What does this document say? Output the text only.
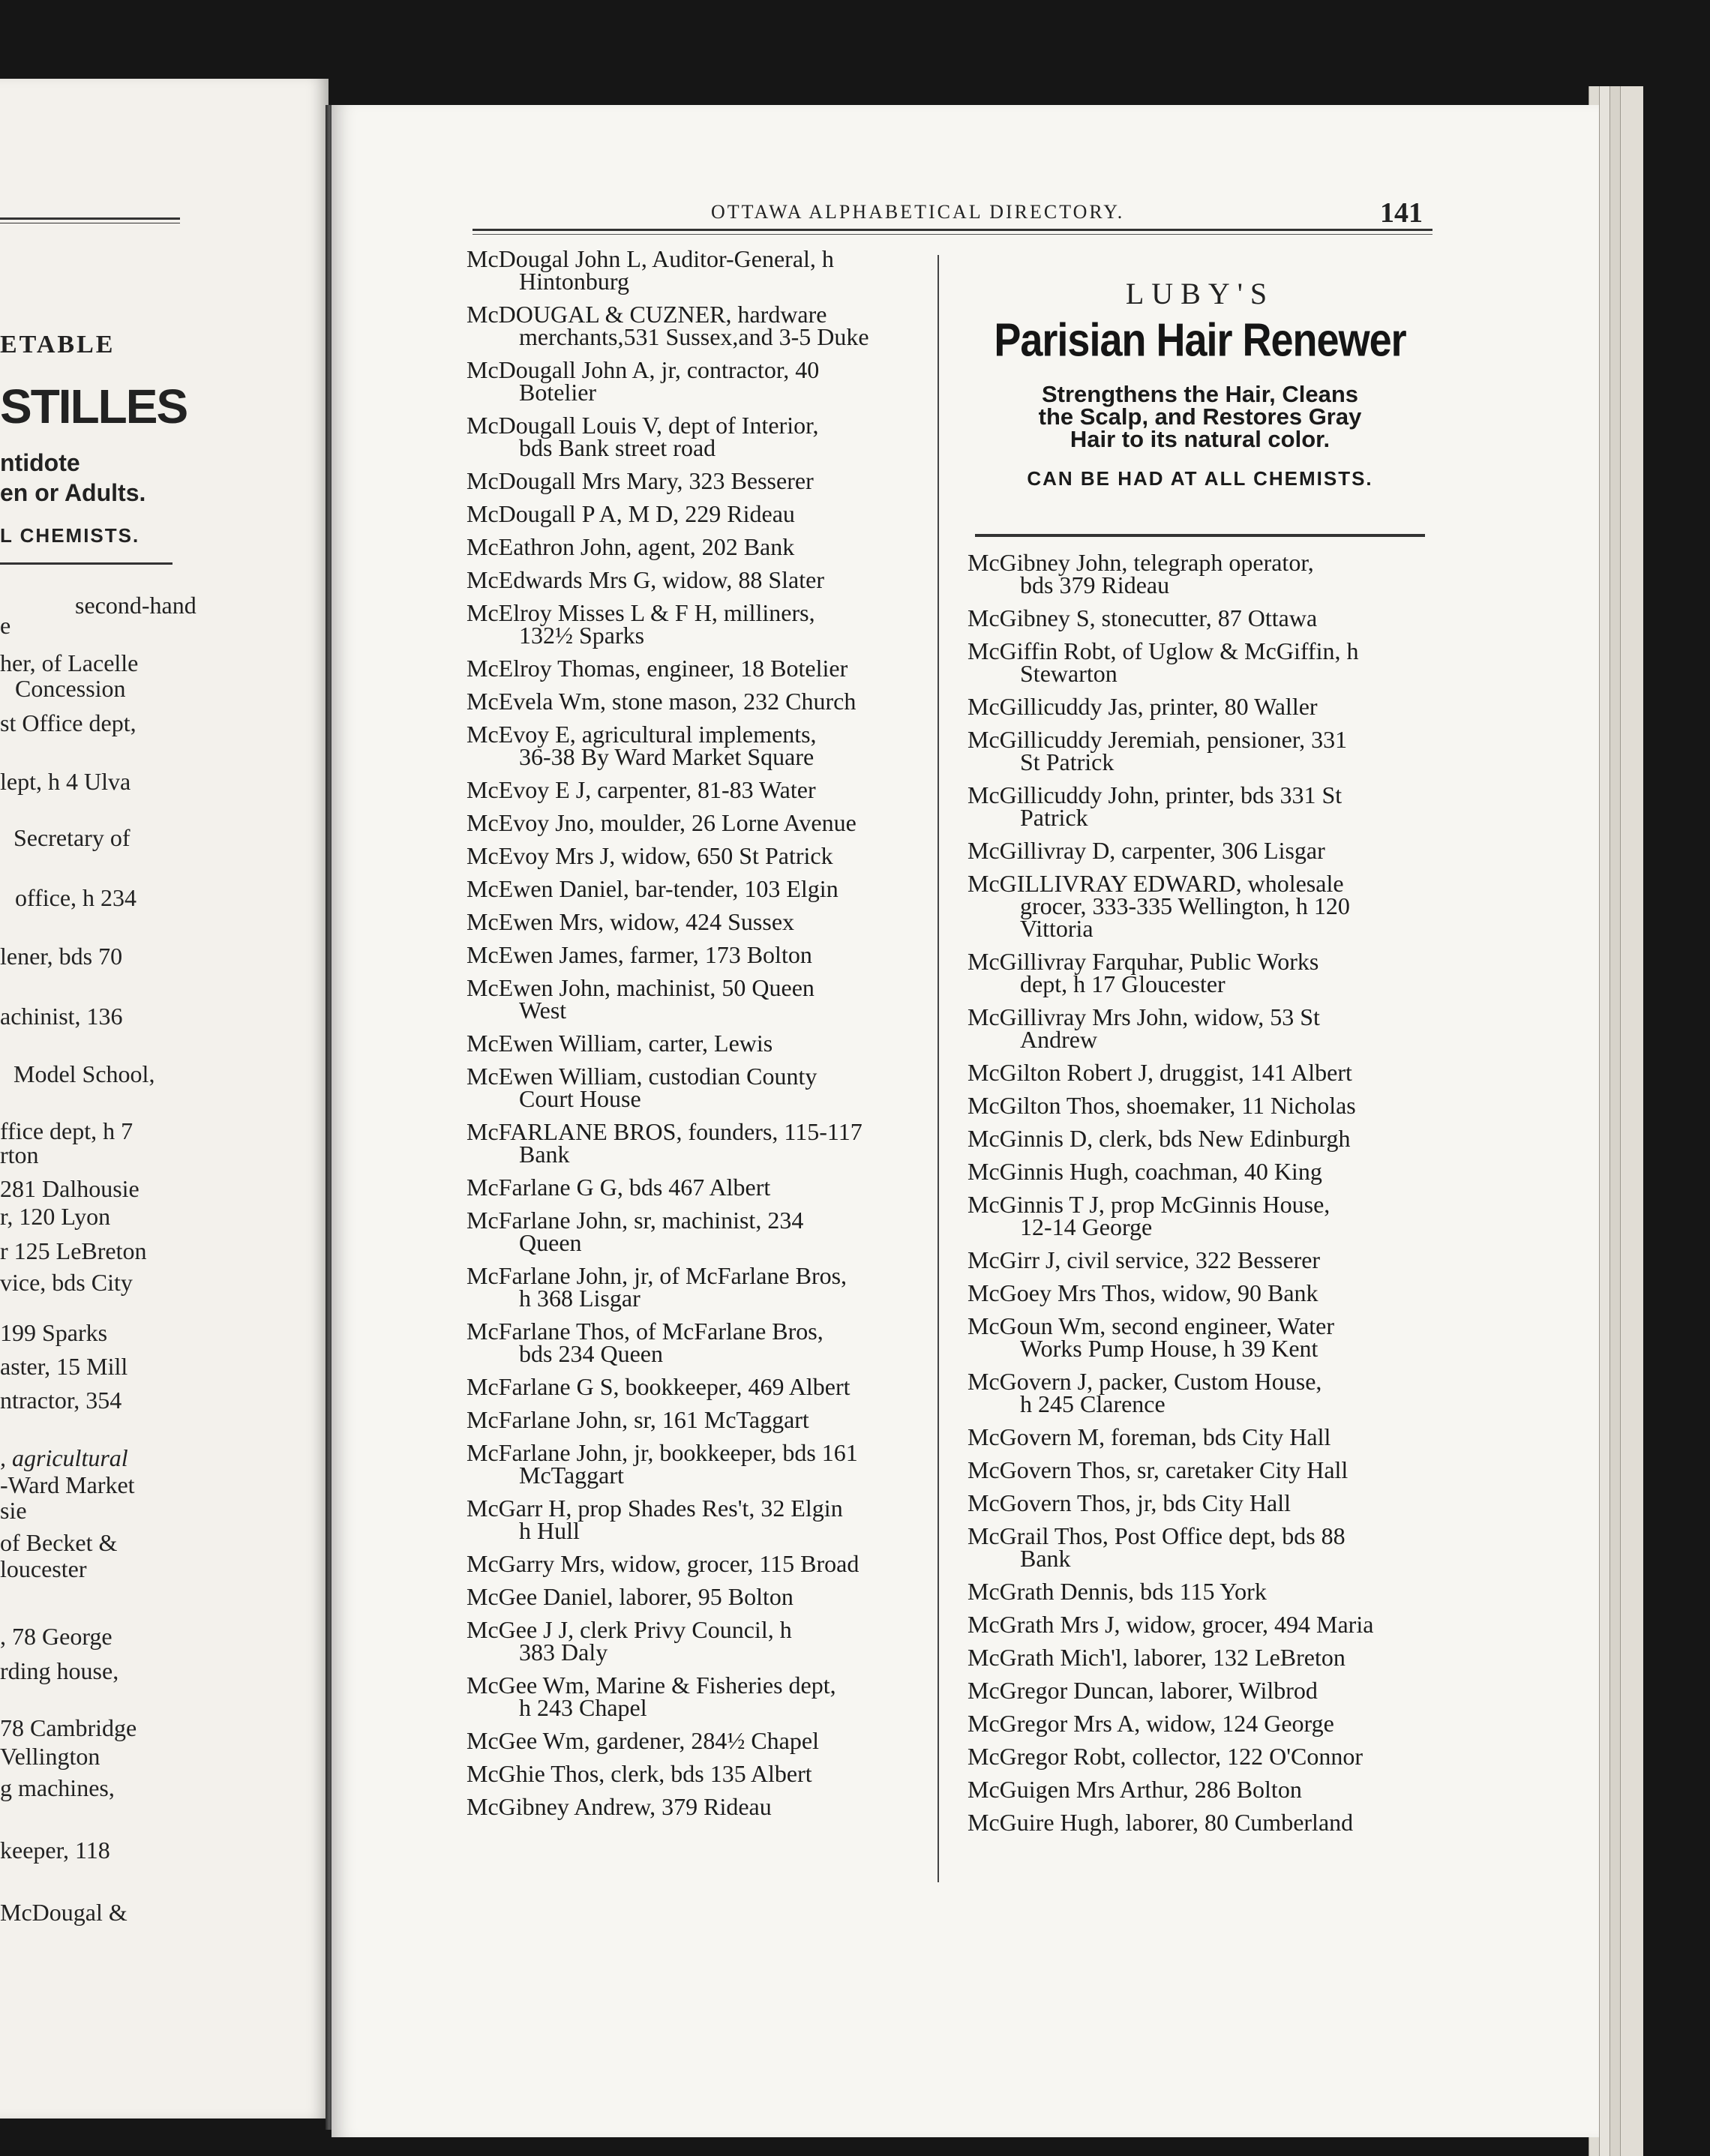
ETABLE
STILLES
ntidote
en or Adults.
L CHEMISTS.
second-hand
e
her, of Lacelle
Concession
st Office dept,
lept, h 4 Ulva
Secretary of
office, h 234
lener, bds 70
achinist, 136
Model School,
ffice dept, h 7
rton
281 Dalhousie
r, 120 Lyon
r 125 LeBreton
vice, bds City
199 Sparks
aster, 15 Mill
ntractor, 354
, agricultural
-Ward Market
sie
of Becket &
loucester
, 78 George
rding house,
78 Cambridge
Vellington
g machines,
keeper, 118
McDougal &
OTTAWA ALPHABETICAL DIRECTORY.	141
McDougal John L, Auditor-General, h
Hintonburg
McDOUGAL & CUZNER, hardware
merchants,531 Sussex,and 3-5 Duke
McDougall John A, jr, contractor, 40
Botelier
McDougall Louis V, dept of Interior,
bds Bank street road
McDougall Mrs Mary, 323 Besserer
McDougall P A, M D, 229 Rideau
McEathron John, agent, 202 Bank
McEdwards Mrs G, widow, 88 Slater
McElroy Misses L & F H, milliners,
132½ Sparks
McElroy Thomas, engineer, 18 Botelier
McEvela Wm, stone mason, 232 Church
McEvoy E, agricultural implements,
36-38 By Ward Market Square
McEvoy E J, carpenter, 81-83 Water
McEvoy Jno, moulder, 26 Lorne Avenue
McEvoy Mrs J, widow, 650 St Patrick
McEwen Daniel, bar-tender, 103 Elgin
McEwen Mrs, widow, 424 Sussex
McEwen James, farmer, 173 Bolton
McEwen John, machinist, 50 Queen
West
McEwen William, carter, Lewis
McEwen William, custodian County
Court House
McFARLANE BROS, founders, 115-117
Bank
McFarlane G G, bds 467 Albert
McFarlane John, sr, machinist, 234
Queen
McFarlane John, jr, of McFarlane Bros,
h 368 Lisgar
McFarlane Thos, of McFarlane Bros,
bds 234 Queen
McFarlane G S, bookkeeper, 469 Albert
McFarlane John, sr, 161 McTaggart
McFarlane John, jr, bookkeeper, bds 161
McTaggart
McGarr H, prop Shades Res't, 32 Elgin
h Hull
McGarry Mrs, widow, grocer, 115 Broad
McGee Daniel, laborer, 95 Bolton
McGee J J, clerk Privy Council, h
383 Daly
McGee Wm, Marine & Fisheries dept,
h 243 Chapel
McGee Wm, gardener, 284½ Chapel
McGhie Thos, clerk, bds 135 Albert
McGibney Andrew, 379 Rideau
LUBY'S
Parisian Hair Renewer
Strengthens the Hair, Cleans
the Scalp, and Restores Gray
Hair to its natural color.
CAN BE HAD AT ALL CHEMISTS.
McGibney John, telegraph operator,
bds 379 Rideau
McGibney S, stonecutter, 87 Ottawa
McGiffin Robt, of Uglow & McGiffin, h
Stewarton
McGillicuddy Jas, printer, 80 Waller
McGillicuddy Jeremiah, pensioner, 331
St Patrick
McGillicuddy John, printer, bds 331 St
Patrick
McGillivray D, carpenter, 306 Lisgar
McGILLIVRAY EDWARD, wholesale
grocer, 333-335 Wellington, h 120
Vittoria
McGillivray Farquhar, Public Works
dept, h 17 Gloucester
McGillivray Mrs John, widow, 53 St
Andrew
McGilton Robert J, druggist, 141 Albert
McGilton Thos, shoemaker, 11 Nicholas
McGinnis D, clerk, bds New Edinburgh
McGinnis Hugh, coachman, 40 King
McGinnis T J, prop McGinnis House,
12-14 George
McGirr J, civil service, 322 Besserer
McGoey Mrs Thos, widow, 90 Bank
McGoun Wm, second engineer, Water
Works Pump House, h 39 Kent
McGovern J, packer, Custom House,
h 245 Clarence
McGovern M, foreman, bds City Hall
McGovern Thos, sr, caretaker City Hall
McGovern Thos, jr, bds City Hall
McGrail Thos, Post Office dept, bds 88
Bank
McGrath Dennis, bds 115 York
McGrath Mrs J, widow, grocer, 494 Maria
McGrath Mich'l, laborer, 132 LeBreton
McGregor Duncan, laborer, Wilbrod
McGregor Mrs A, widow, 124 George
McGregor Robt, collector, 122 O'Connor
McGuigen Mrs Arthur, 286 Bolton
McGuire Hugh, laborer, 80 Cumberland
